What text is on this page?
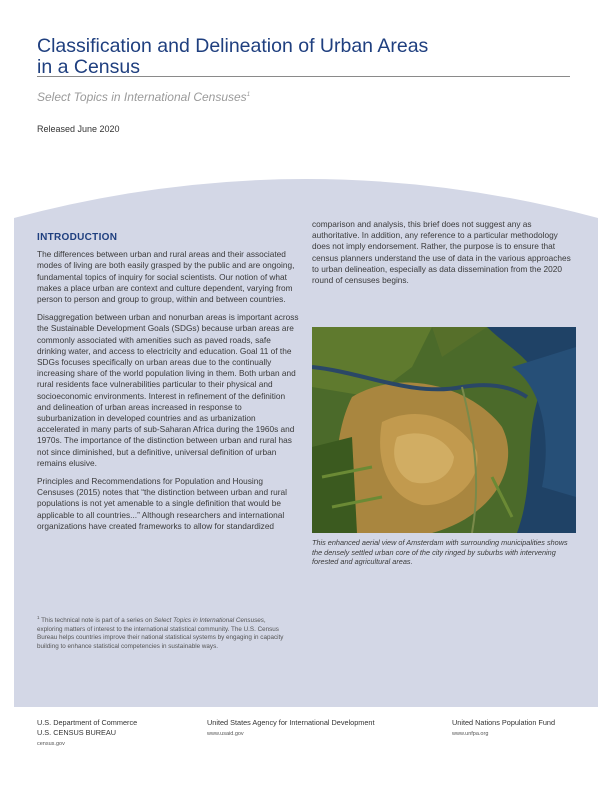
Classification and Delineation of Urban Areas
in a Census
Select Topics in International Censuses$^1$
Released June 2020
INTRODUCTION

The differences between urban and rural areas and their associated modes of living are both easily grasped by the public and are ongoing, fundamental topics of inquiry for social scientists. Our notion of what makes a place urban are context and culture dependent, varying from person to person and group to group, within and between countries.

Disaggregation between urban and nonurban areas is important across the Sustainable Development Goals (SDGs) because urban areas are commonly associated with amenities such as paved roads, safe drinking water, and access to electricity and education. Goal 11 of the SDGs focuses specifically on urban areas due to the continually increasing share of the world population living in them. Both urban and rural residents face vulnerabilities particular to their physical and socioeconomic environments. Interest in refinement of the definition and delineation of urban areas increased in response to suburbanization in developed countries and as urbanization accelerated in many parts of sub-Saharan Africa during the 1960s and 1970s. The importance of the distinction between urban and rural has not since diminished, but a definitive, universal definition of urban remains elusive.

Principles and Recommendations for Population and Housing Censuses (2015) notes that “the distinction between urban and rural populations is not yet amenable to a single definition that would be applicable to all countries...” Although researchers and international organizations have created frameworks to allow for standardized

comparison and analysis, this brief does not suggest any as authoritative. In addition, any reference to a particular methodology does not imply endorsement. Rather, the purpose is to ensure that census planners understand the use of data in the various approaches to urban delineation, especially as data dissemination from the 2020 round of censuses begins.

This enhanced aerial view of Amsterdam with surrounding municipalities shows the densely settled urban core of the city ringed by suburbs with intervening forested and agricultural areas.
$^1$ This technical note is part of a series on Select Topics in International Censuses, exploring matters of interest to the international statistical community. The U.S. Census Bureau helps countries improve their national statistical systems by engaging in capacity building to enhance statistical competencies in sustainable ways.
U.S. Department of Commerce
U.S. CENSUS BUREAU
census.gov
United States Agency for International Development
www.usaid.gov
United Nations Population Fund
www.unfpa.org
